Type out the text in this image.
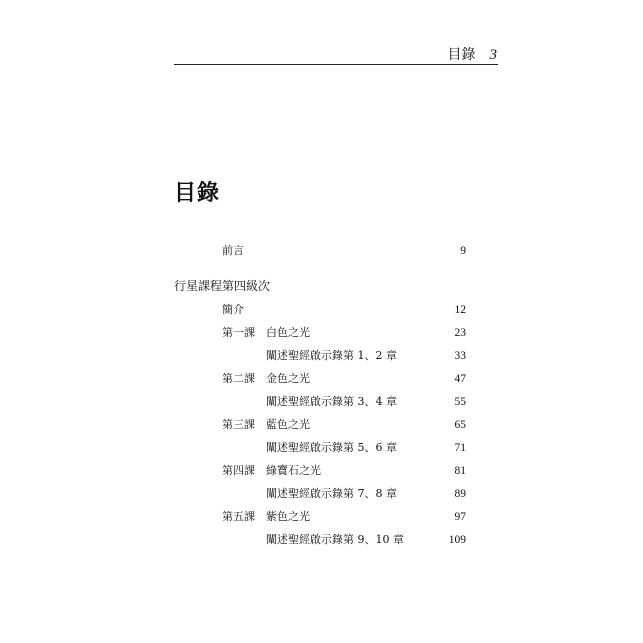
目錄 3
目錄
前言	9
行星課程第四級次
簡介	12
第一課 白色之光	23
闡述聖經啟示錄第 1、2 章	33
第二課 金色之光	47
闡述聖經啟示錄第 3、4 章	55
第三課 藍色之光	65
闡述聖經啟示錄第 5、6 章	71
第四課 綠寶石之光	81
闡述聖經啟示錄第 7、8 章	89
第五課 紫色之光	97
闡述聖經啟示錄第 9、10 章	109
